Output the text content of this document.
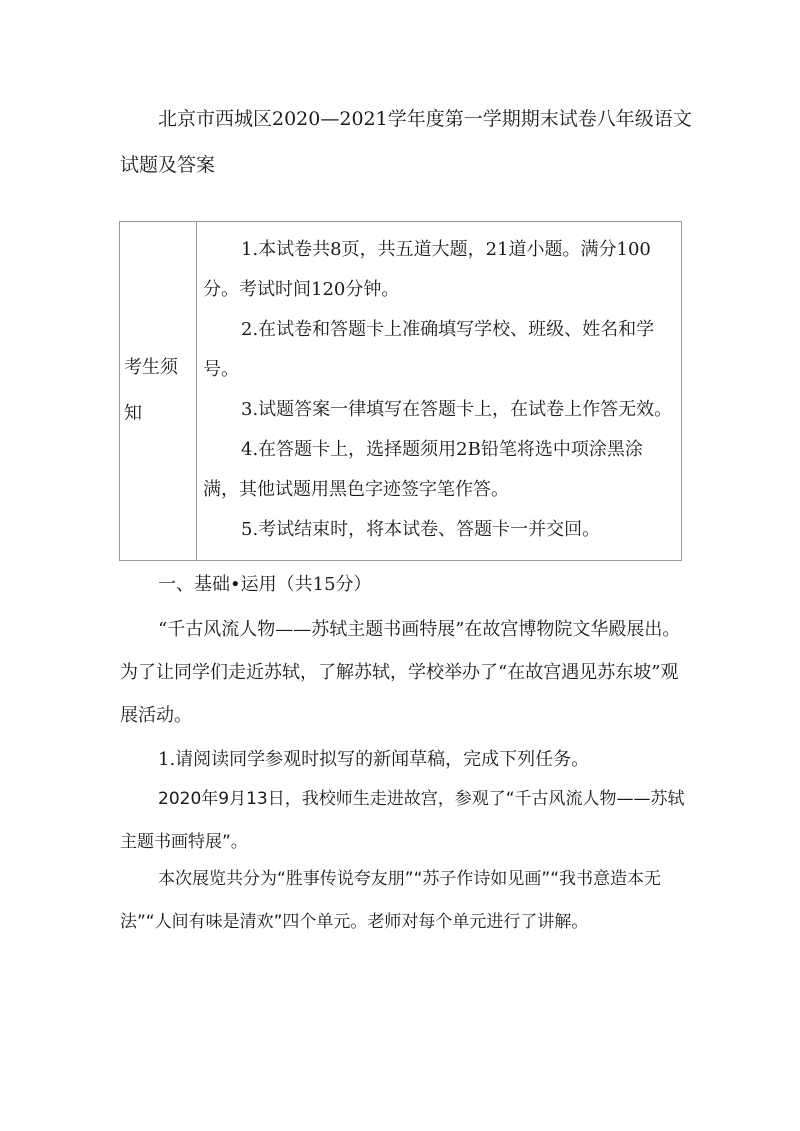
北京市西城区2020—2021学年度第一学期期末试卷八年级语文试题及答案
考生须知

1.本试卷共8页，共五道大题，21道小题。满分100分。考试时间120分钟。

2.在试卷和答题卡上准确填写学校、班级、姓名和学号。

3.试题答案一律填写在答题卡上，在试卷上作答无效。

4.在答题卡上，选择题须用2B铅笔将选中项涂黑涂满，其他试题用黑色字迹签字笔作答。

5.考试结束时，将本试卷、答题卡一并交回。

一、基础•运用（共15分）

“千古风流人物——苏轼主题书画特展”在故宫博物院文华殿展出。为了让同学们走近苏轼，了解苏轼，学校举办了“在故宫遇见苏东坡”观展活动。

1.请阅读同学参观时拟写的新闻草稿，完成下列任务。

2020年9月13日，我校师生走进故宫，参观了“千古风流人物——苏轼主题书画特展”。

本次展览共分为“胜事传说夸友朋”“苏子作诗如见画”“我书意造本无法”“人间有味是清欢”四个单元。老师对每个单元进行了讲解。
